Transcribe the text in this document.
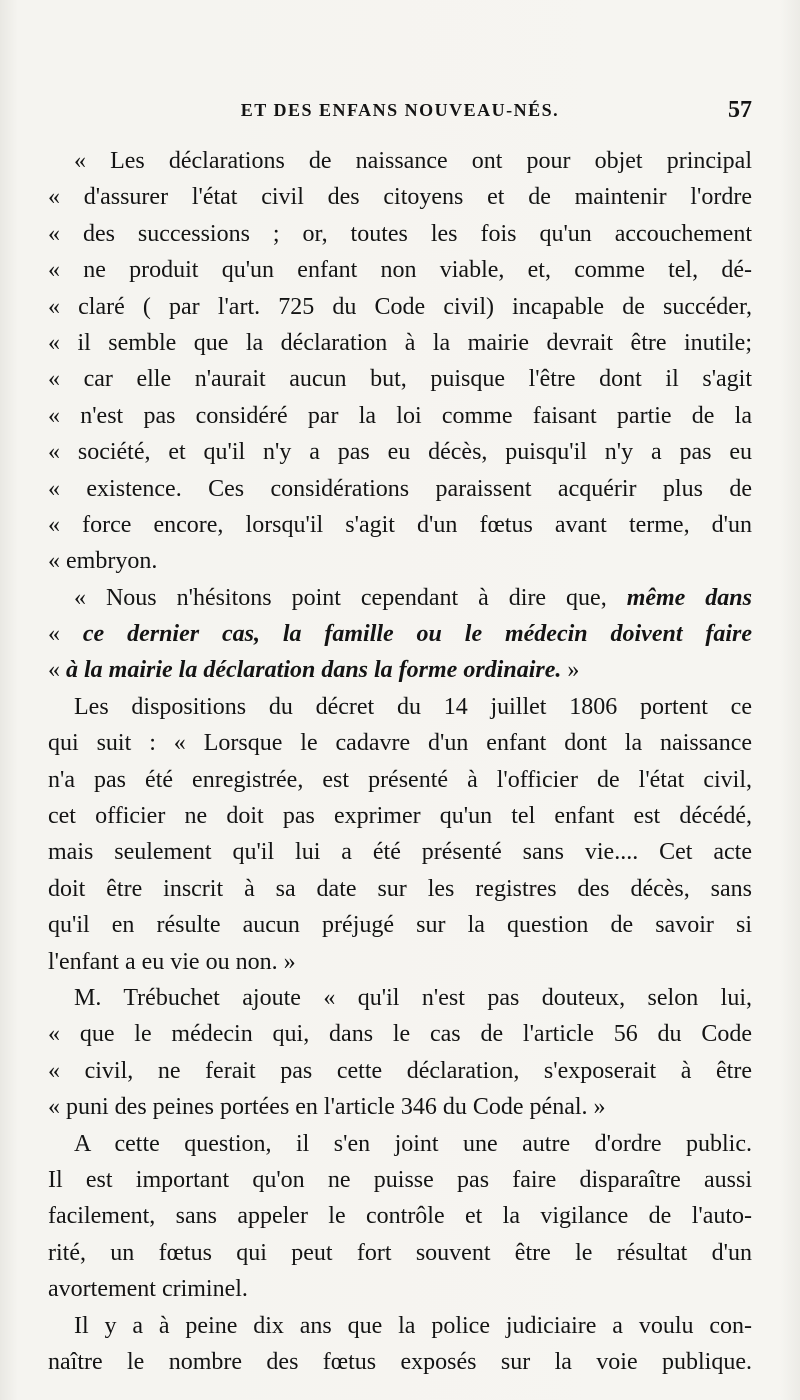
ET DES ENFANS NOUVEAU-NÉS.	57
« Les déclarations de naissance ont pour objet principal
« d'assurer l'état civil des citoyens et de maintenir l'ordre
« des successions ; or, toutes les fois qu'un accouchement
« ne produit qu'un enfant non viable, et, comme tel, dé-
« claré ( par l'art. 725 du Code civil) incapable de succéder,
« il semble que la déclaration à la mairie devrait être inutile;
« car elle n'aurait aucun but, puisque l'être dont il s'agit
« n'est pas considéré par la loi comme faisant partie de la
« société, et qu'il n'y a pas eu décès, puisqu'il n'y a pas eu
« existence. Ces considérations paraissent acquérir plus de
« force encore, lorsqu'il s'agit d'un fœtus avant terme, d'un
« embryon.
« Nous n'hésitons point cependant à dire que, même dans
« ce dernier cas, la famille ou le médecin doivent faire
« à la mairie la déclaration dans la forme ordinaire. »
Les dispositions du décret du 14 juillet 1806 portent ce
qui suit : « Lorsque le cadavre d'un enfant dont la naissance
n'a pas été enregistrée, est présenté à l'officier de l'état civil,
cet officier ne doit pas exprimer qu'un tel enfant est décédé,
mais seulement qu'il lui a été présenté sans vie.... Cet acte
doit être inscrit à sa date sur les registres des décès, sans
qu'il en résulte aucun préjugé sur la question de savoir si
l'enfant a eu vie ou non. »
M. Trébuchet ajoute « qu'il n'est pas douteux, selon lui,
« que le médecin qui, dans le cas de l'article 56 du Code
« civil, ne ferait pas cette déclaration, s'exposerait à être
« puni des peines portées en l'article 346 du Code pénal. »
A cette question, il s'en joint une autre d'ordre public.
Il est important qu'on ne puisse pas faire disparaître aussi
facilement, sans appeler le contrôle et la vigilance de l'auto-
rité, un fœtus qui peut fort souvent être le résultat d'un
avortement criminel.
Il y a à peine dix ans que la police judiciaire a voulu con-
naître le nombre des fœtus exposés sur la voie publique.
